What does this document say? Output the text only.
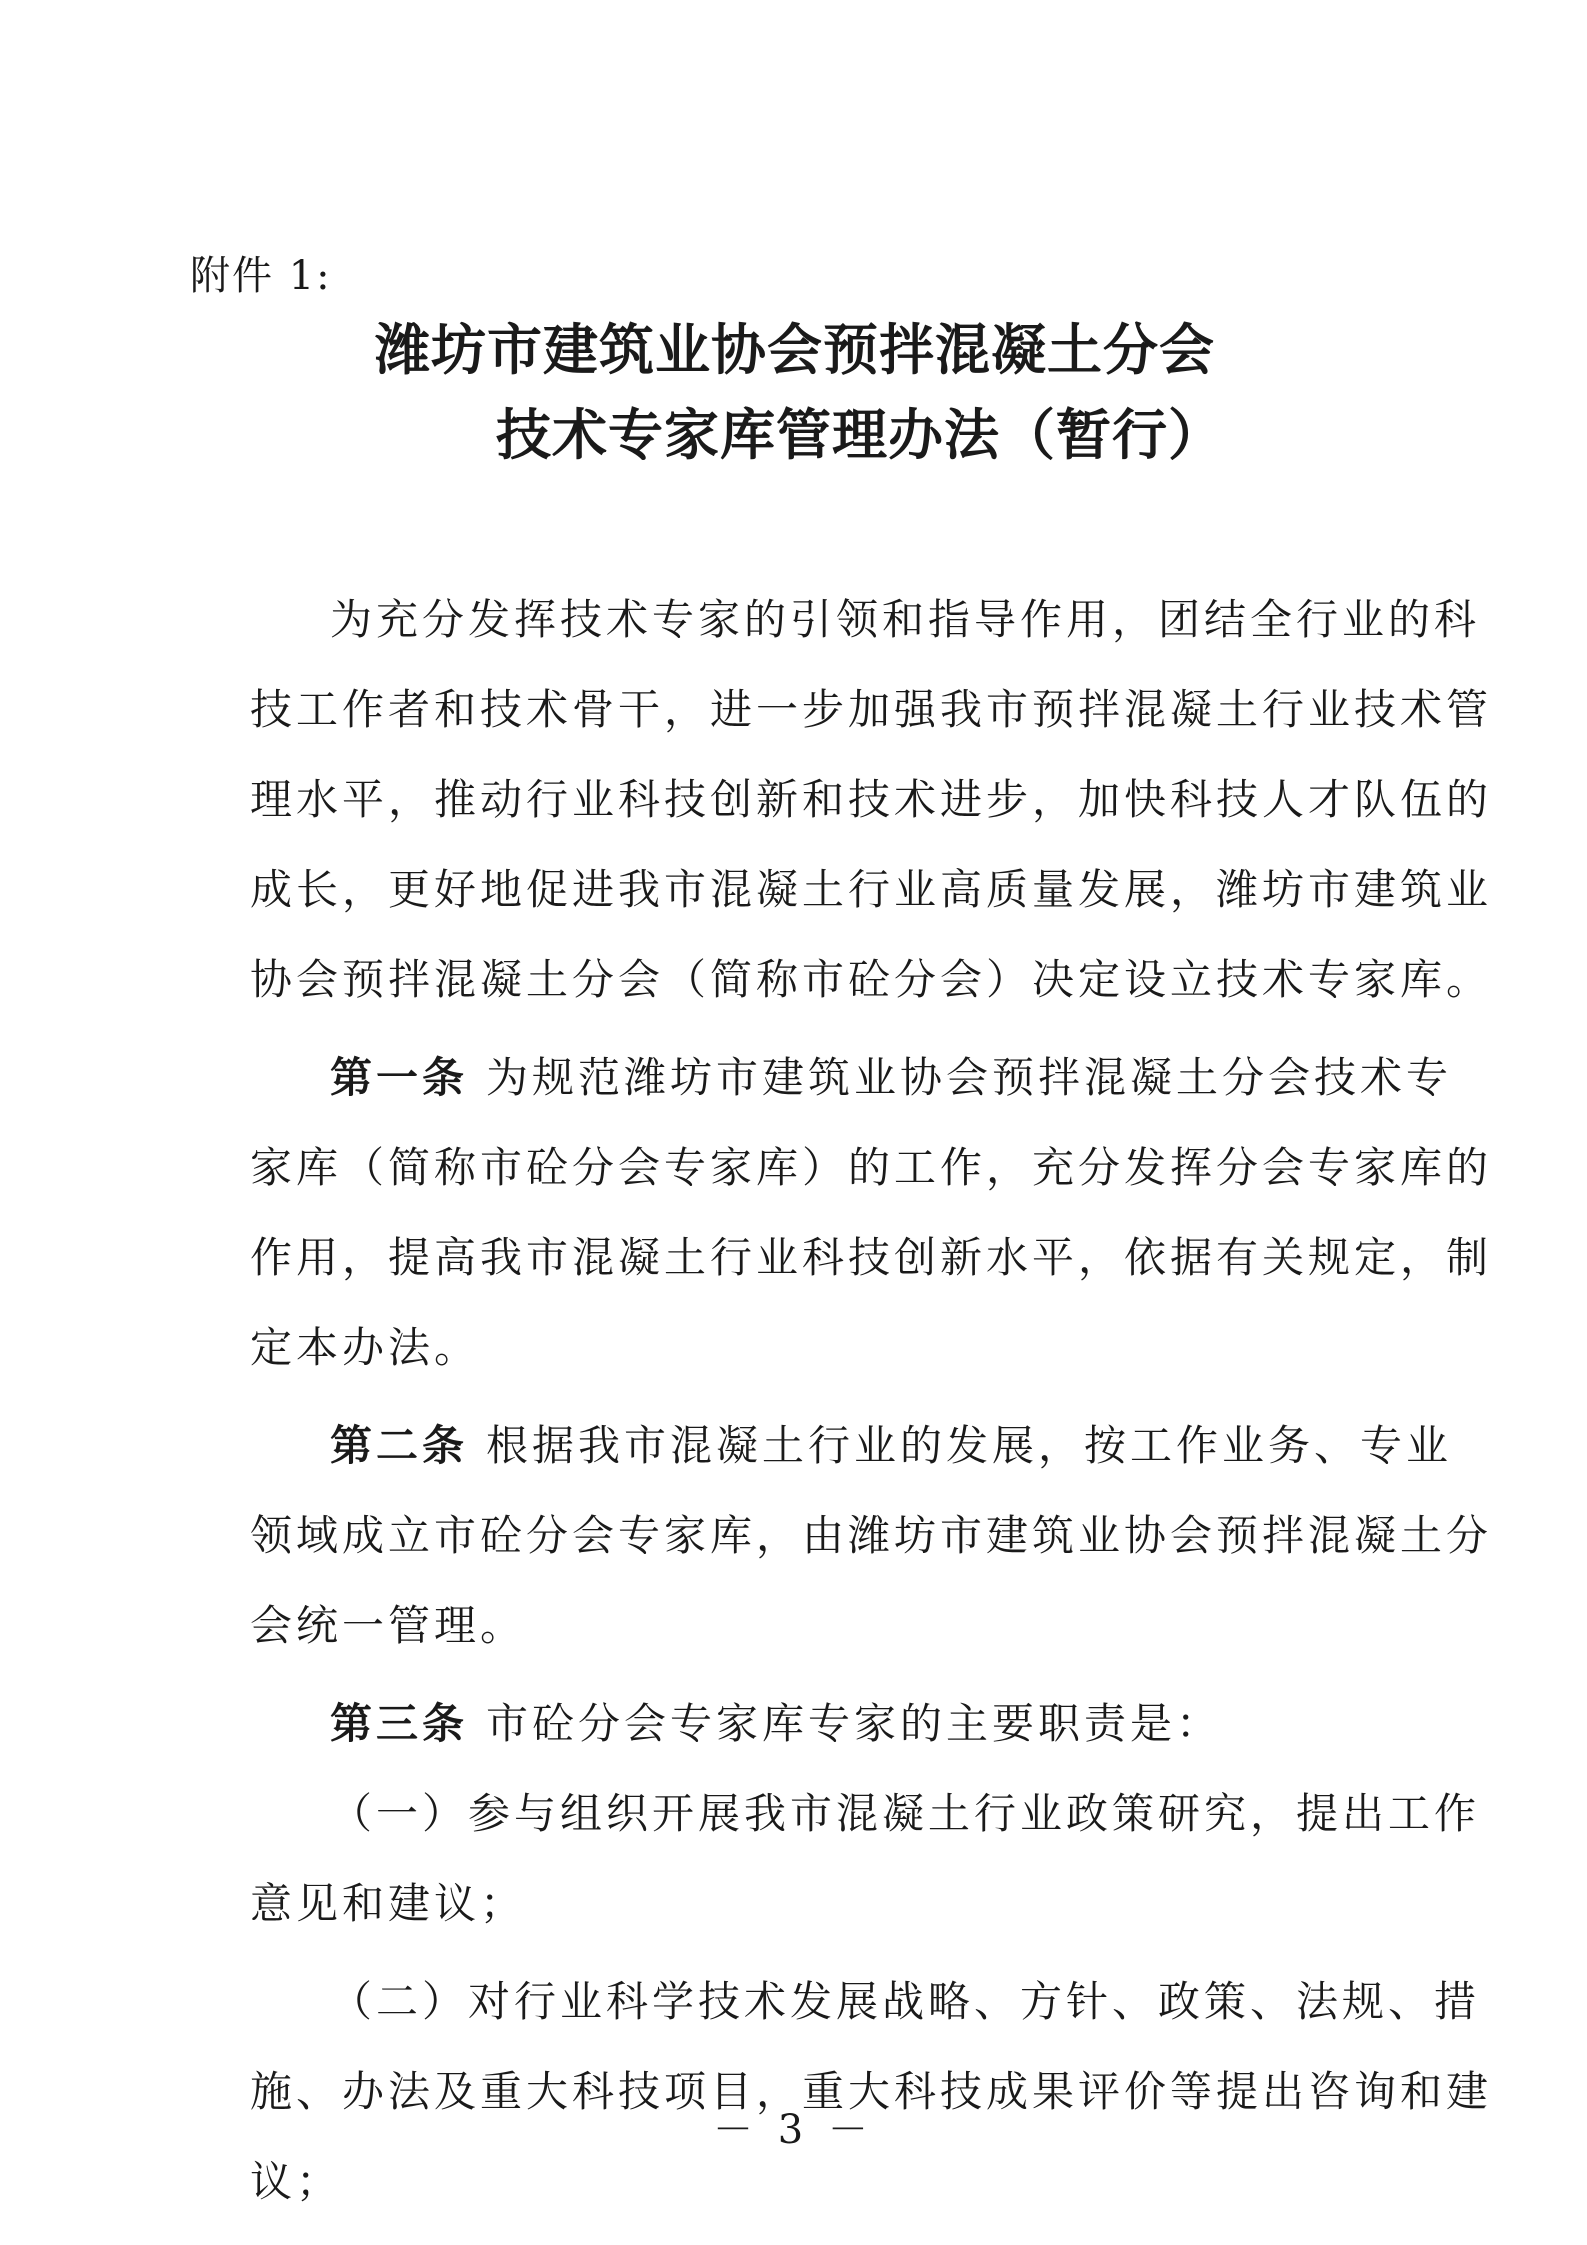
附件 1:
潍坊市建筑业协会预拌混凝土分会
技术专家库管理办法（暂行）
为充分发挥技术专家的引领和指导作用，团结全行业的科
技工作者和技术骨干，进一步加强我市预拌混凝土行业技术管
理水平，推动行业科技创新和技术进步，加快科技人才队伍的
成长，更好地促进我市混凝土行业高质量发展，潍坊市建筑业
协会预拌混凝土分会（简称市砼分会）决定设立技术专家库。
第一条 为规范潍坊市建筑业协会预拌混凝土分会技术专
家库（简称市砼分会专家库）的工作，充分发挥分会专家库的
作用，提高我市混凝土行业科技创新水平，依据有关规定，制
定本办法。
第二条 根据我市混凝土行业的发展，按工作业务、专业
领域成立市砼分会专家库，由潍坊市建筑业协会预拌混凝土分
会统一管理。
第三条 市砼分会专家库专家的主要职责是：
（一）参与组织开展我市混凝土行业政策研究，提出工作
意见和建议；
（二）对行业科学技术发展战略、方针、政策、法规、措
施、办法及重大科技项目，重大科技成果评价等提出咨询和建
议；
－ 3 －
